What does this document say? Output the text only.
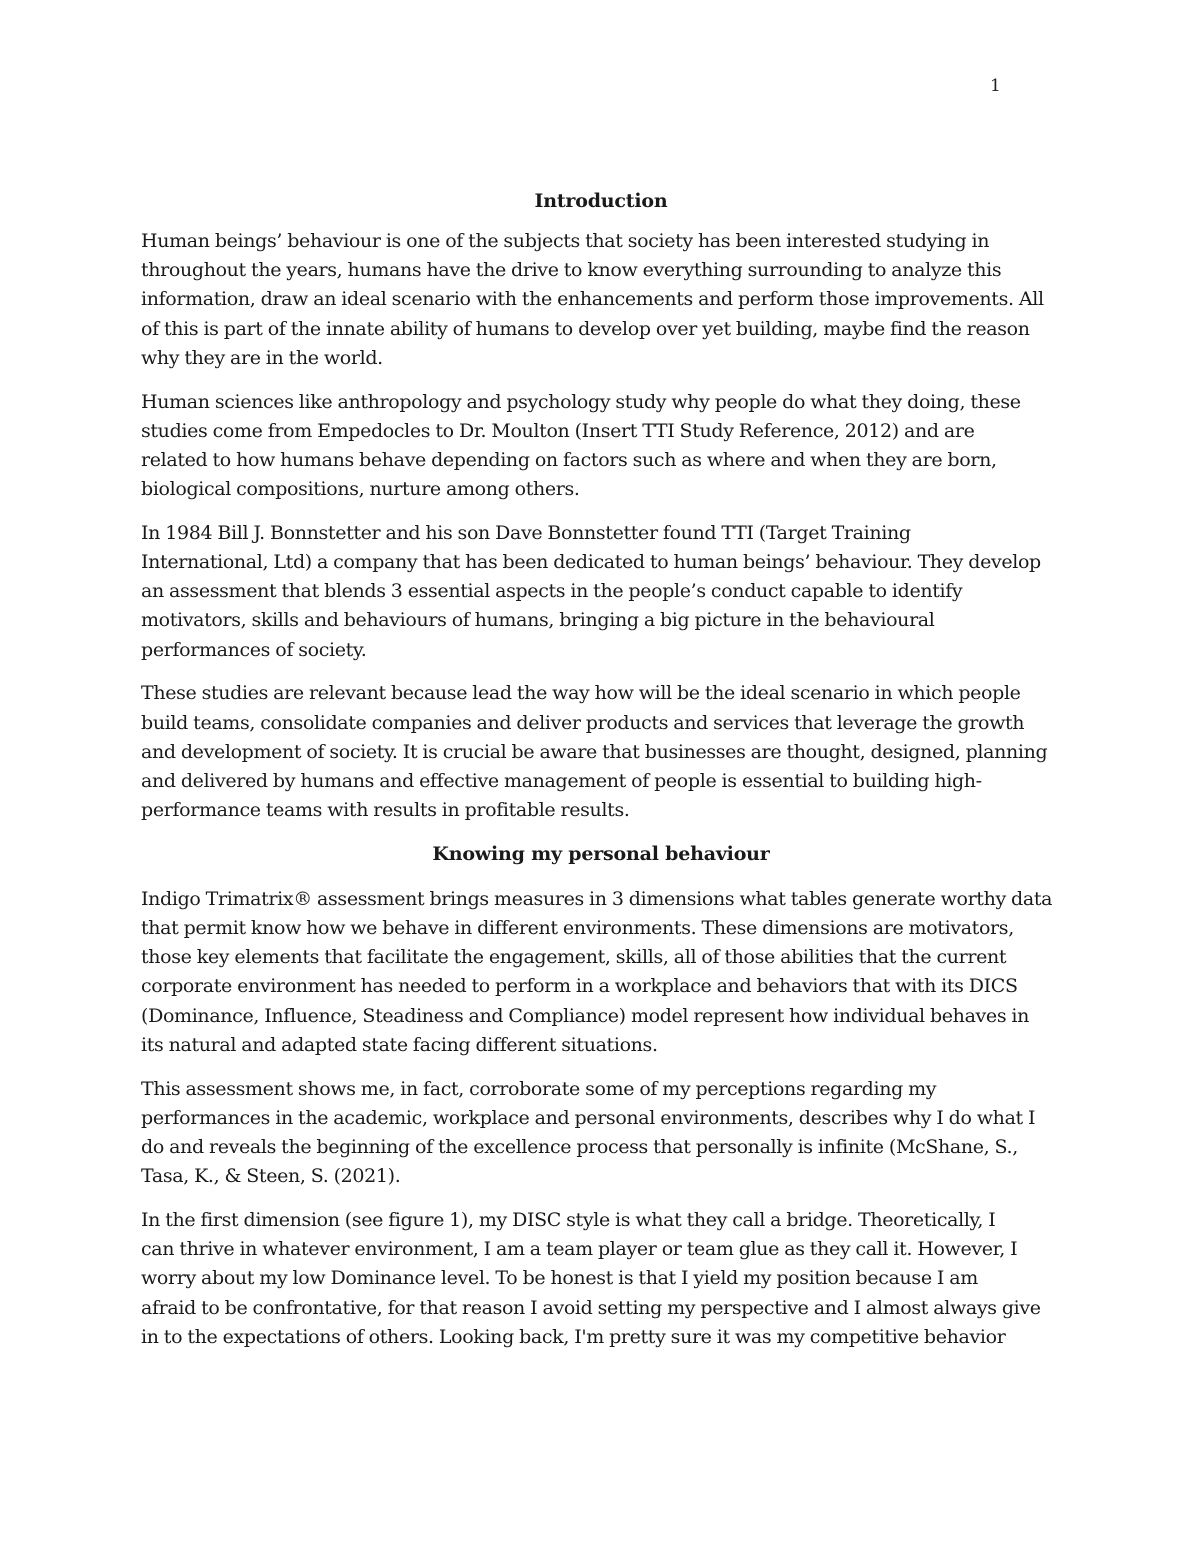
1
Introduction
Human beings’ behaviour is one of the subjects that society has been interested studying in
throughout the years, humans have the drive to know everything surrounding to analyze this
information, draw an ideal scenario with the enhancements and perform those improvements. All
of this is part of the innate ability of humans to develop over yet building, maybe find the reason
why they are in the world.
Human sciences like anthropology and psychology study why people do what they doing, these
studies come from Empedocles to Dr. Moulton (Insert TTI Study Reference, 2012) and are
related to how humans behave depending on factors such as where and when they are born,
biological compositions, nurture among others.
In 1984 Bill J. Bonnstetter and his son Dave Bonnstetter found TTI (Target Training
International, Ltd) a company that has been dedicated to human beings’ behaviour. They develop
an assessment that blends 3 essential aspects in the people’s conduct capable to identify
motivators, skills and behaviours of humans, bringing a big picture in the behavioural
performances of society.
These studies are relevant because lead the way how will be the ideal scenario in which people
build teams, consolidate companies and deliver products and services that leverage the growth
and development of society. It is crucial be aware that businesses are thought, designed, planning
and delivered by humans and effective management of people is essential to building high-
performance teams with results in profitable results.
Knowing my personal behaviour
Indigo Trimatrix® assessment brings measures in 3 dimensions what tables generate worthy data
that permit know how we behave in different environments. These dimensions are motivators,
those key elements that facilitate the engagement, skills, all of those abilities that the current
corporate environment has needed to perform in a workplace and behaviors that with its DICS
(Dominance, Influence, Steadiness and Compliance) model represent how individual behaves in
its natural and adapted state facing different situations.
This assessment shows me, in fact, corroborate some of my perceptions regarding my
performances in the academic, workplace and personal environments, describes why I do what I
do and reveals the beginning of the excellence process that personally is infinite (McShane, S.,
Tasa, K., & Steen, S. (2021).
In the first dimension (see figure 1), my DISC style is what they call a bridge. Theoretically, I
can thrive in whatever environment, I am a team player or team glue as they call it. However, I
worry about my low Dominance level. To be honest is that I yield my position because I am
afraid to be confrontative, for that reason I avoid setting my perspective and I almost always give
in to the expectations of others. Looking back, I'm pretty sure it was my competitive behavior
